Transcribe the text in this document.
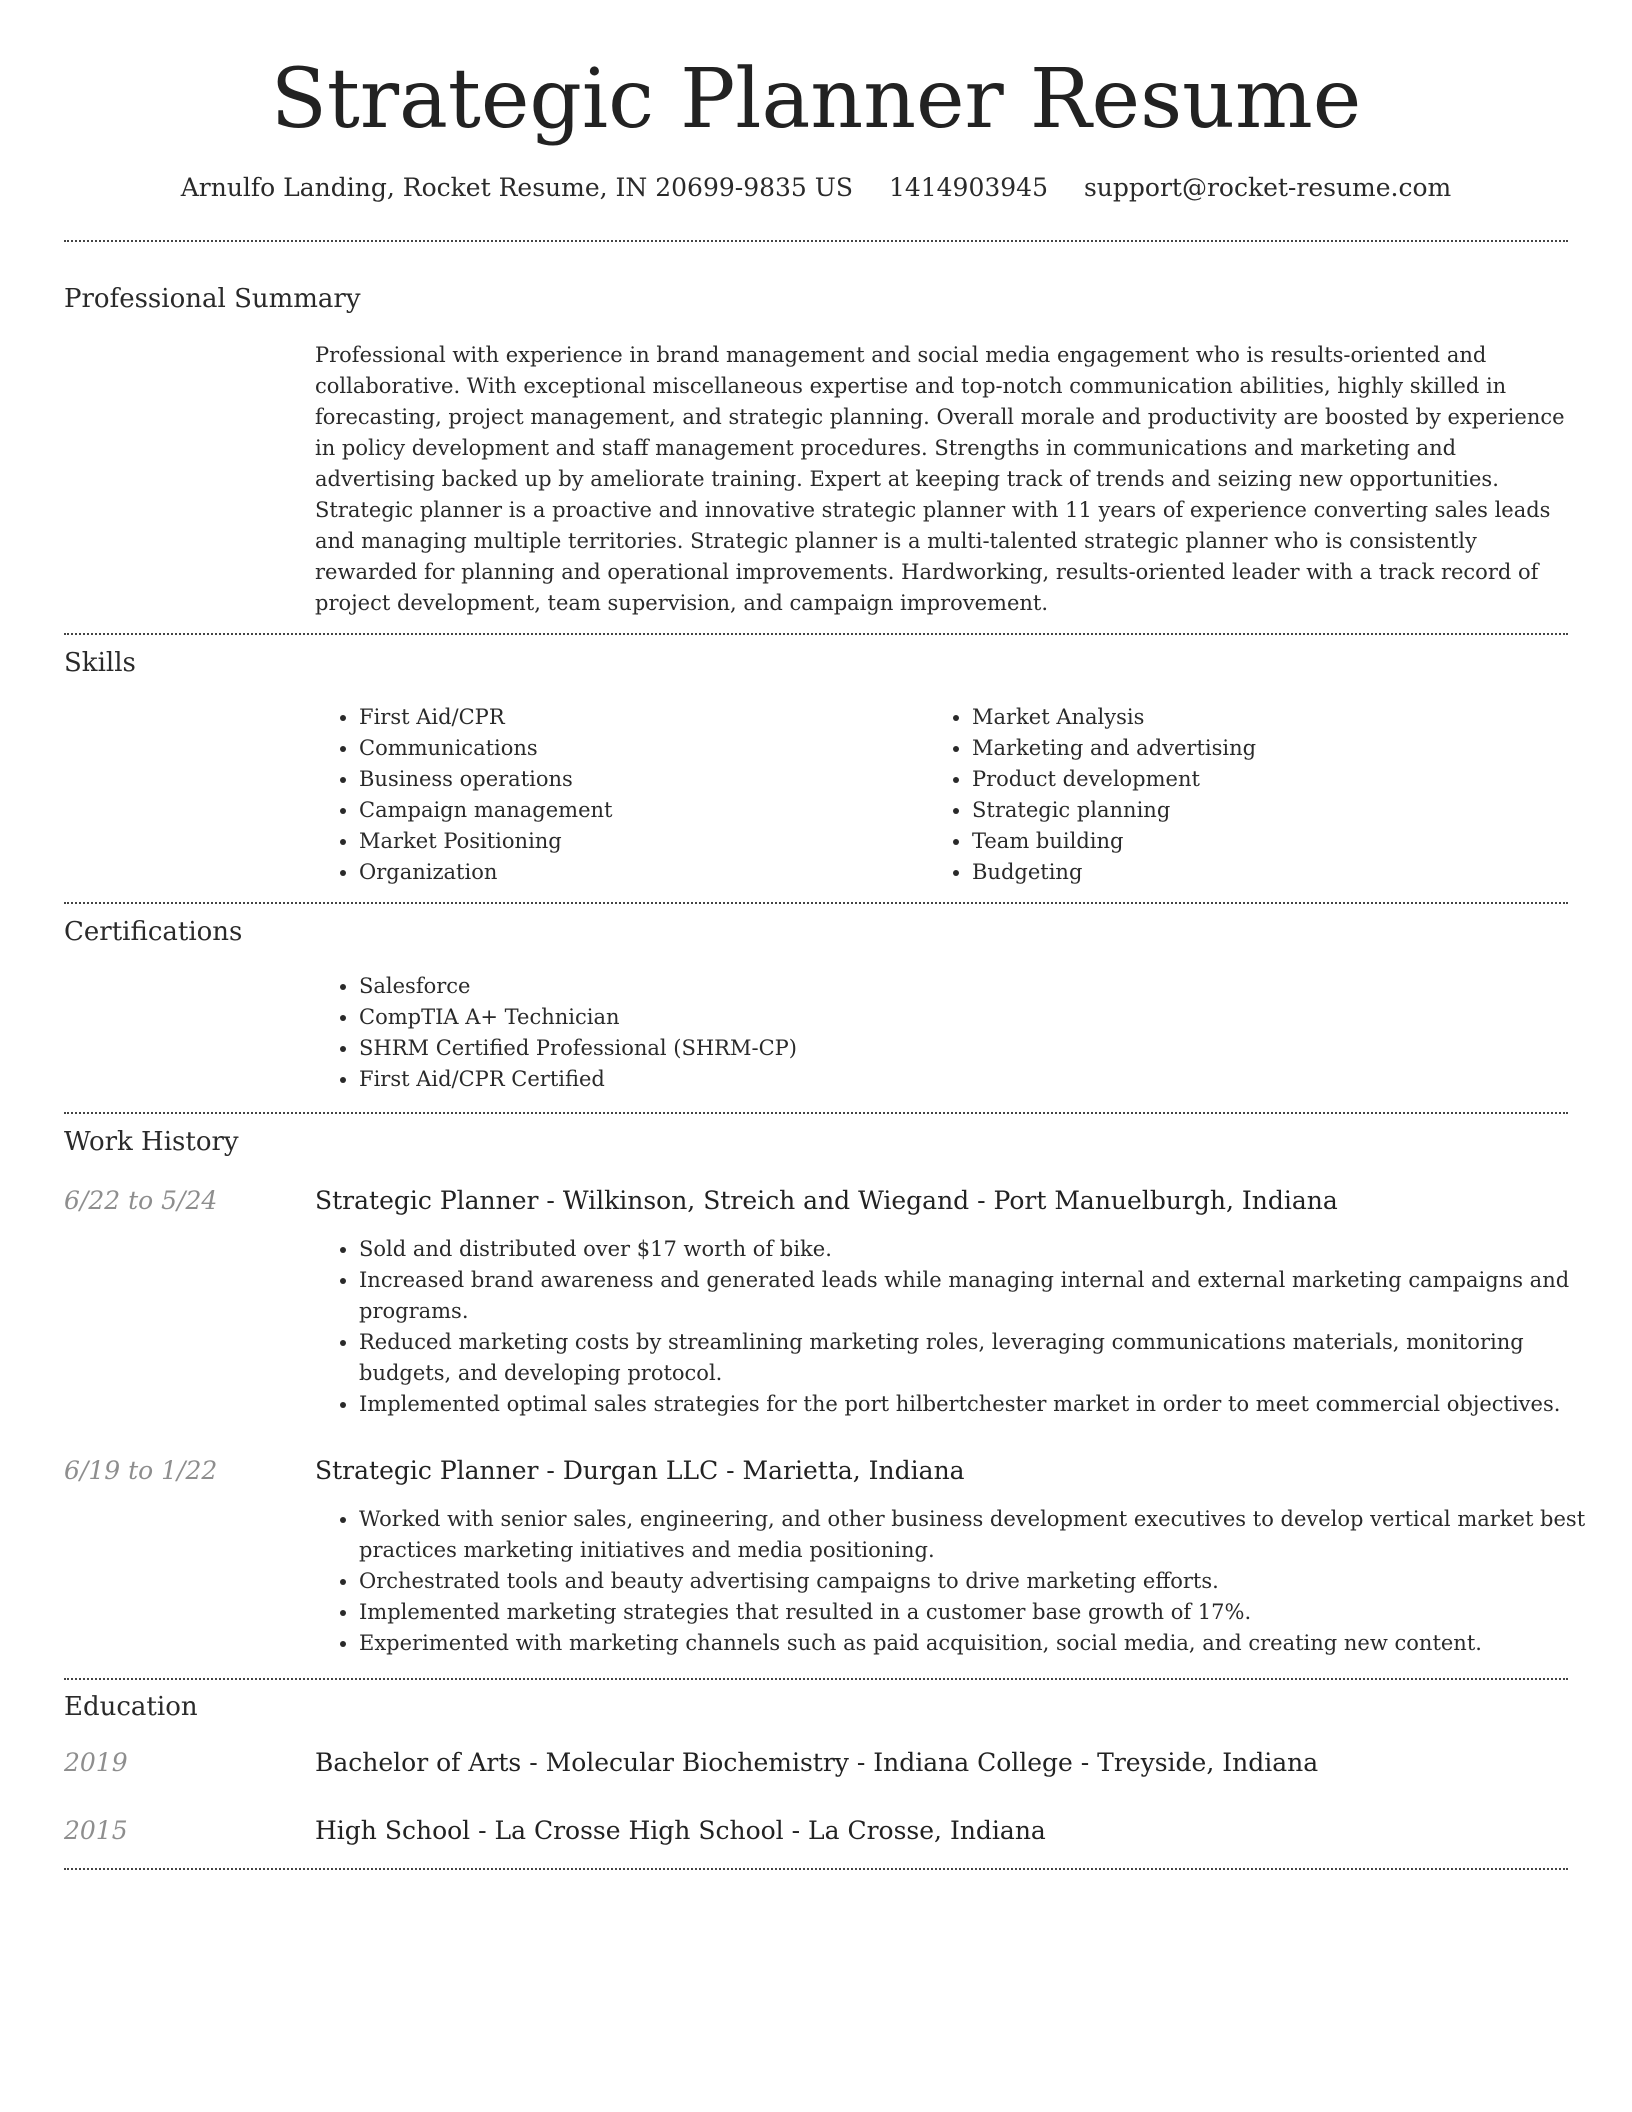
Strategic Planner Resume
Arnulfo Landing, Rocket Resume, IN 20699-9835 US 1414903945 support@rocket-resume.com
Professional Summary

Professional with experience in brand management and social media engagement who is results-oriented and collaborative. With exceptional miscellaneous expertise and top-notch communication abilities, highly skilled in forecasting, project management, and strategic planning. Overall morale and productivity are boosted by experience in policy development and staff management procedures. Strengths in communications and marketing and advertising backed up by ameliorate training. Expert at keeping track of trends and seizing new opportunities. Strategic planner is a proactive and innovative strategic planner with 11 years of experience converting sales leads and managing multiple territories. Strategic planner is a multi-talented strategic planner who is consistently rewarded for planning and operational improvements. Hardworking, results-oriented leader with a track record of project development, team supervision, and campaign improvement.

Skills
• First Aid/CPR
• Communications
• Business operations
• Campaign management
• Market Positioning
• Organization
• Market Analysis
• Marketing and advertising
• Product development
• Strategic planning
• Team building
• Budgeting
Certifications
• Salesforce
• CompTIA A+ Technician
• SHRM Certified Professional (SHRM-CP)
• First Aid/CPR Certified
Work History
6/22 to 5/24	Strategic Planner - Wilkinson, Streich and Wiegand - Port Manuelburgh, Indiana
• Sold and distributed over $17 worth of bike.
• Increased brand awareness and generated leads while managing internal and external marketing campaigns and programs.
• Reduced marketing costs by streamlining marketing roles, leveraging communications materials, monitoring budgets, and developing protocol.
• Implemented optimal sales strategies for the port hilbertchester market in order to meet commercial objectives.
6/19 to 1/22	Strategic Planner - Durgan LLC - Marietta, Indiana
• Worked with senior sales, engineering, and other business development executives to develop vertical market best practices marketing initiatives and media positioning.
• Orchestrated tools and beauty advertising campaigns to drive marketing efforts.
• Implemented marketing strategies that resulted in a customer base growth of 17%.
• Experimented with marketing channels such as paid acquisition, social media, and creating new content.
Education
2019	Bachelor of Arts - Molecular Biochemistry - Indiana College - Treyside, Indiana
2015	High School - La Crosse High School - La Crosse, Indiana
